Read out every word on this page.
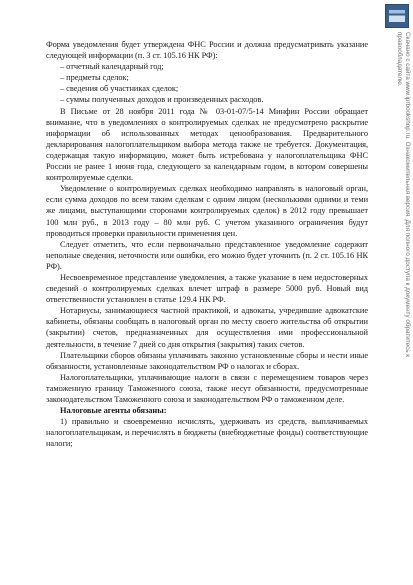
Форма уведомления будет утверждена ФНС России и должна предусматривать указание следующей информации (п. 3 ст. 105.16 НК РФ):

– отчетный календарный год;

– предметы сделок;

– сведения об участниках сделок;

– суммы полученных доходов и произведенных расходов.

В Письме от 28 ноября 2011 года № 03-01-07/5-14 Минфин России обращает внимание, что в уведомлениях о контролируемых сделках не предусмотрено раскрытие информации об использованных методах ценообразования. Предварительного декларирования налогоплательщиком выбора метода также не требуется. Документация, содержащая такую информацию, может быть истребована у налогоплательщика ФНС России не ранее 1 июня года, следующего за календарным годом, в котором совершены контролируемые сделки.

Уведомление о контролируемых сделках необходимо направлять в налоговый орган, если сумма доходов по всем таким сделкам с одним лицом (несколькими одними и теми же лицами, выступающими сторонами контролируемых сделок) в 2012 году превышает 100 млн руб., в 2013 году – 80 млн руб. С учетом указанного ограничения будут проводиться проверки правильности применения цен.

Следует отметить, что если первоначально представленное уведомление содержит неполные сведения, неточности или ошибки, его можно будет уточнить (п. 2 ст. 105.16 НК РФ).

Несвоевременное представление уведомления, а также указание в нем недостоверных сведений о контролируемых сделках влечет штраф в размере 5000 руб. Новый вид ответственности установлен в статье 129.4 НК РФ.

Нотариусы, занимающиеся частной практикой, и адвокаты, учредившие адвокатские кабинеты, обязаны сообщать в налоговый орган по месту своего жительства об открытии (закрытии) счетов, предназначенных для осуществления ими профессиональной деятельности, в течение 7 дней со дня открытия (закрытия) таких счетов.

Плательщики сборов обязаны уплачивать законно установленные сборы и нести иные обязанности, установленные законодательством РФ о налогах и сборах.

Налогоплательщики, уплачивающие налоги в связи с перемещением товаров через таможенную границу Таможенного союза, также несут обязанности, предусмотренные законодательством Таможенного союза и законодательством РФ о таможенном деле.

Налоговые агенты обязаны:

1) правильно и своевременно исчислять, удерживать из средств, выплачиваемых налогоплательщикам, и перечислять в бюджеты (внебюджетные фонды) соответствующие налоги;

Скачано с сайта www.iprbookshop.ru. Ознакомительная версия. Для полного доступа к документу обратитесь к правообладателю.
